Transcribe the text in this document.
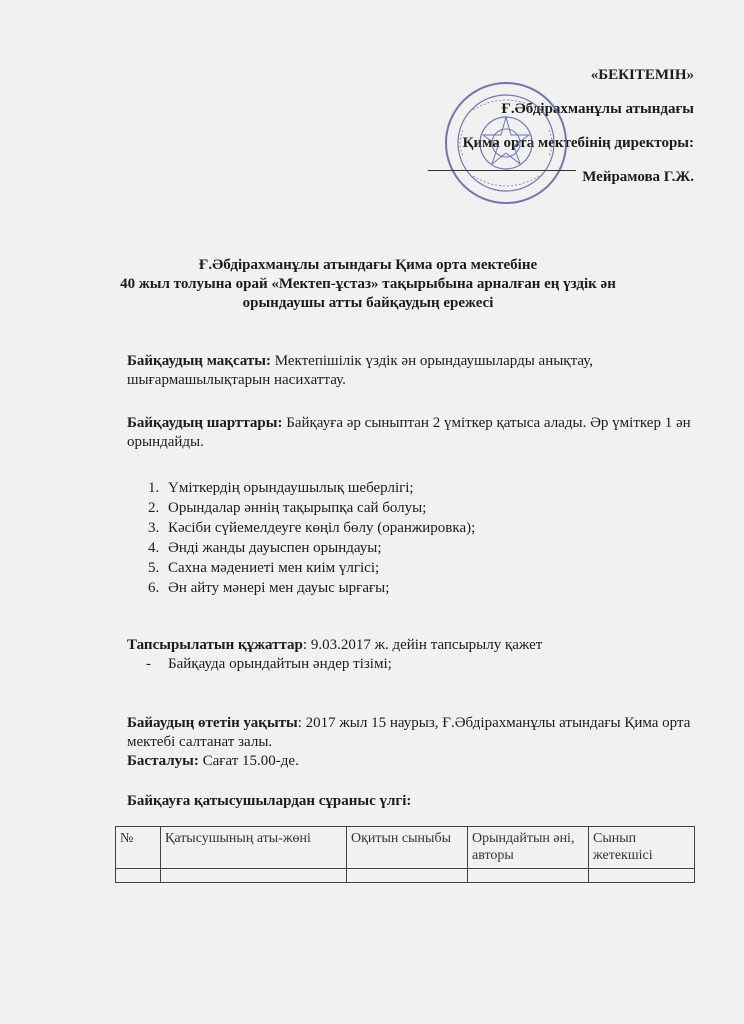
«БЕКІТЕМІН»
Ғ.Әбдірахманұлы атындағы
Қима орта мектебінің директоры:
Мейрамова Г.Ж.
Ғ.Әбдірахманұлы атындағы Қима орта мектебіне
40 жыл толуына орай «Мектеп-ұстаз» тақырыбына арналған ең үздік ән
орындаушы атты байқаудың ережесі
Байқаудың мақсаты: Мектепішілік үздік ән орындаушыларды анықтау, шығармашылықтарын насихаттау.
Байқаудың шарттары: Байқауға әр сыныптан 2 үміткер қатыса алады. Әр үміткер 1 ән орындайды.
1. Үміткердің орындаушылық шеберлігі;
2. Орындалар әннің тақырыпқа сай болуы;
3. Кәсіби сүйемелдеуге көңіл бөлу (оранжировка);
4. Әнді жанды дауыспен орындауы;
5. Сахна мәдениеті мен киім үлгісі;
6. Ән айту мәнері мен дауыс ырғағы;
Тапсырылатын құжаттар: 9.03.2017 ж. дейін тапсырылу қажет
- Байқауда орындайтын әндер тізімі;
Байаудың өтетін уақыты: 2017 жыл 15 наурыз, Ғ.Әбдірахманұлы атындағы Қима орта мектебі салтанат залы.
Басталуы: Сағат 15.00-де.
Байқауға қатысушылардан сұраныс үлгі:
№	Қатысушының аты-жөні	Оқитын сыныбы	Орындайтын әні, авторы	Сынып жетекшісі
